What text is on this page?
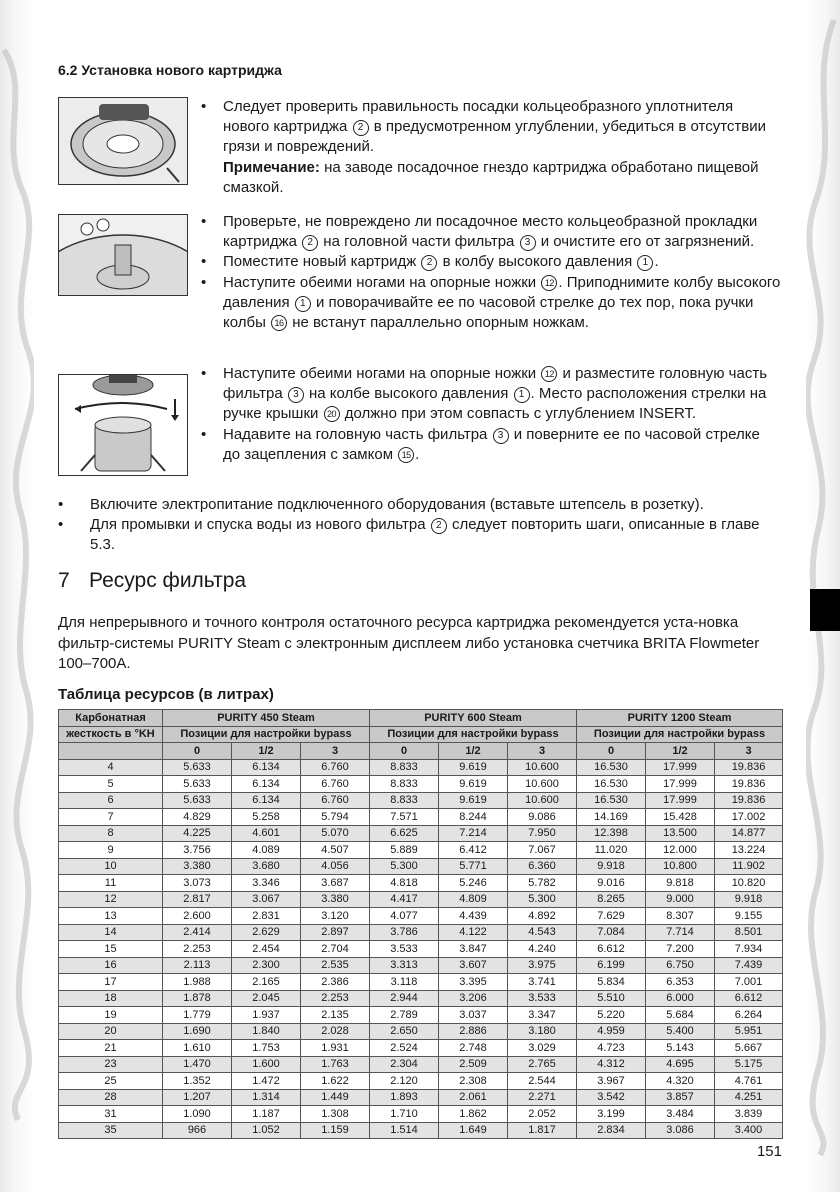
6.2 Установка нового картриджа
• Следует проверить правильность посадки кольцеобразного уплотнителя нового картриджа 2 в предусмотренном углублении, убедиться в отсутствии грязи и повреждений.
Примечание: на заводе посадочное гнездо картриджа обработано пищевой смазкой.
• Проверьте, не повреждено ли посадочное место кольцеобразной прокладки картриджа 2 на головной части фильтра 3 и очистите его от загрязнений.
• Поместите новый картридж 2 в колбу высокого давления 1 .
• Наступите обеими ногами на опорные ножки 12 . Приподнимите колбу высокого давления 1 и поворачивайте ее по часовой стрелке до тех пор, пока ручки колбы 16 не встанут параллельно опорным ножкам.
• Наступите обеими ногами на опорные ножки 12 и разместите головную часть фильтра 3 на колбе высокого давления 1 . Место расположения стрелки на ручке крышки 20 должно при этом совпасть с углублением INSERT.
• Надавите на головную часть фильтра 3 и поверните ее по часовой стрелке до зацепления с замком 15 .
• Включите электропитание подключенного оборудования (вставьте штепсель в розетку).
• Для промывки и спуска воды из нового фильтра 2 следует повторить шаги, описанные в главе 5.3.
7 Ресурс фильтра
Для непрерывного и точного контроля остаточного ресурса картриджа рекомендуется уста-новка фильтр-системы PURITY Steam с электронным дисплеем либо установка счетчика BRITA Flowmeter 100–700A.
Таблица ресурсов (в литрах)
Карбонатная	PURITY 450 Steam			PURITY 600 Steam			PURITY 1200 Steam		
жесткость в °KH	Позиции для настройки bypass			Позиции для настройки bypass			Позиции для настройки bypass		
	0	1/2	3	0	1/2	3	0	1/2	3
4	5.633	6.134	6.760	8.833	9.619	10.600	16.530	17.999	19.836
5	5.633	6.134	6.760	8.833	9.619	10.600	16.530	17.999	19.836
6	5.633	6.134	6.760	8.833	9.619	10.600	16.530	17.999	19.836
7	4.829	5.258	5.794	7.571	8.244	9.086	14.169	15.428	17.002
8	4.225	4.601	5.070	6.625	7.214	7.950	12.398	13.500	14.877
9	3.756	4.089	4.507	5.889	6.412	7.067	11.020	12.000	13.224
10	3.380	3.680	4.056	5.300	5.771	6.360	9.918	10.800	11.902
11	3.073	3.346	3.687	4.818	5.246	5.782	9.016	9.818	10.820
12	2.817	3.067	3.380	4.417	4.809	5.300	8.265	9.000	9.918
13	2.600	2.831	3.120	4.077	4.439	4.892	7.629	8.307	9.155
14	2.414	2.629	2.897	3.786	4.122	4.543	7.084	7.714	8.501
15	2.253	2.454	2.704	3.533	3.847	4.240	6.612	7.200	7.934
16	2.113	2.300	2.535	3.313	3.607	3.975	6.199	6.750	7.439
17	1.988	2.165	2.386	3.118	3.395	3.741	5.834	6.353	7.001
18	1.878	2.045	2.253	2.944	3.206	3.533	5.510	6.000	6.612
19	1.779	1.937	2.135	2.789	3.037	3.347	5.220	5.684	6.264
20	1.690	1.840	2.028	2.650	2.886	3.180	4.959	5.400	5.951
21	1.610	1.753	1.931	2.524	2.748	3.029	4.723	5.143	5.667
23	1.470	1.600	1.763	2.304	2.509	2.765	4.312	4.695	5.175
25	1.352	1.472	1.622	2.120	2.308	2.544	3.967	4.320	4.761
28	1.207	1.314	1.449	1.893	2.061	2.271	3.542	3.857	4.251
31	1.090	1.187	1.308	1.710	1.862	2.052	3.199	3.484	3.839
35	966	1.052	1.159	1.514	1.649	1.817	2.834	3.086	3.400
151
